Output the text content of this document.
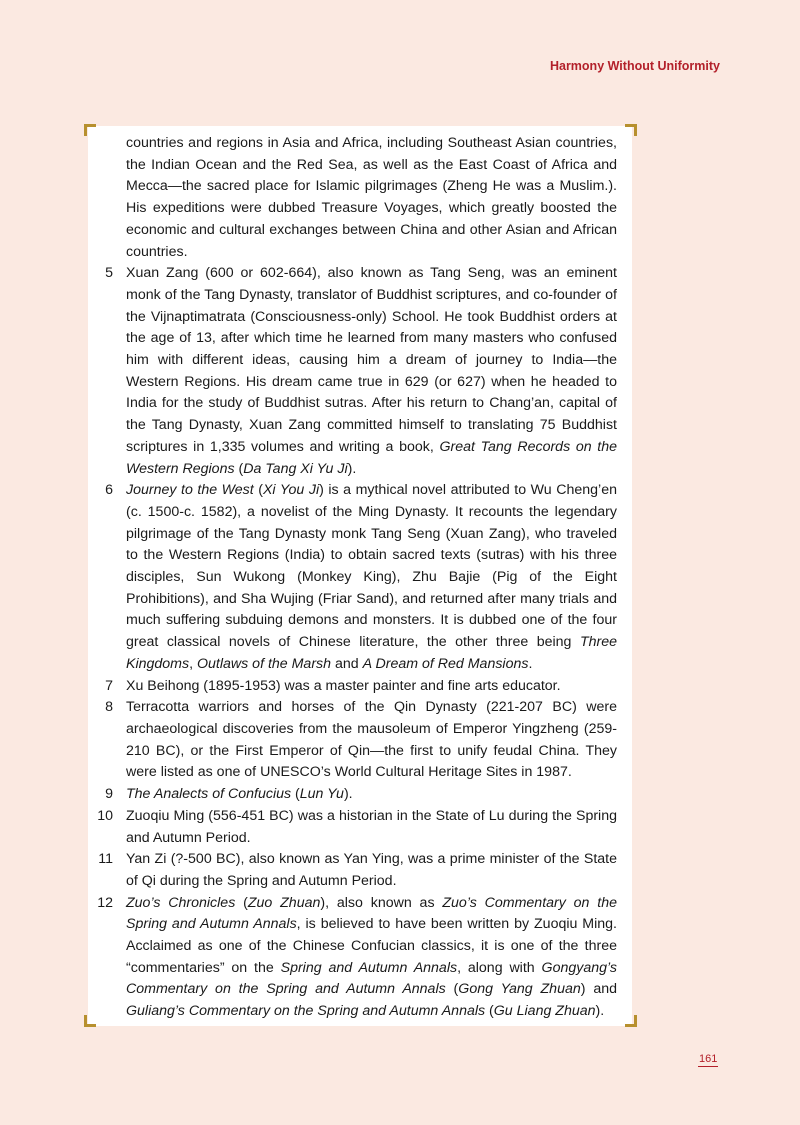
Harmony Without Uniformity
countries and regions in Asia and Africa, including Southeast Asian countries, the Indian Ocean and the Red Sea, as well as the East Coast of Africa and Mecca—the sacred place for Islamic pilgrimages (Zheng He was a Muslim.). His expeditions were dubbed Treasure Voyages, which greatly boosted the economic and cultural exchanges between China and other Asian and African countries.
5 Xuan Zang (600 or 602-664), also known as Tang Seng, was an eminent monk of the Tang Dynasty, translator of Buddhist scriptures, and co-founder of the Vijnaptimatrata (Consciousness-only) School. He took Buddhist orders at the age of 13, after which time he learned from many masters who confused him with different ideas, causing him a dream of journey to India—the Western Regions. His dream came true in 629 (or 627) when he headed to India for the study of Buddhist sutras. After his return to Chang’an, capital of the Tang Dynasty, Xuan Zang committed himself to translating 75 Buddhist scriptures in 1,335 volumes and writing a book, Great Tang Records on the Western Regions (Da Tang Xi Yu Ji).
6 Journey to the West (Xi You Ji) is a mythical novel attributed to Wu Cheng’en (c. 1500-c. 1582), a novelist of the Ming Dynasty. It recounts the legendary pilgrimage of the Tang Dynasty monk Tang Seng (Xuan Zang), who traveled to the Western Regions (India) to obtain sacred texts (sutras) with his three disciples, Sun Wukong (Monkey King), Zhu Bajie (Pig of the Eight Prohibitions), and Sha Wujing (Friar Sand), and returned after many trials and much suffering subduing demons and monsters. It is dubbed one of the four great classical novels of Chinese literature, the other three being Three Kingdoms, Outlaws of the Marsh and A Dream of Red Mansions.
7 Xu Beihong (1895-1953) was a master painter and fine arts educator.
8 Terracotta warriors and horses of the Qin Dynasty (221-207 BC) were archaeological discoveries from the mausoleum of Emperor Yingzheng (259-210 BC), or the First Emperor of Qin—the first to unify feudal China. They were listed as one of UNESCO’s World Cultural Heritage Sites in 1987.
9 The Analects of Confucius (Lun Yu).
10 Zuoqiu Ming (556-451 BC) was a historian in the State of Lu during the Spring and Autumn Period.
11 Yan Zi (?-500 BC), also known as Yan Ying, was a prime minister of the State of Qi during the Spring and Autumn Period.
12 Zuo’s Chronicles (Zuo Zhuan), also known as Zuo’s Commentary on the Spring and Autumn Annals, is believed to have been written by Zuoqiu Ming. Acclaimed as one of the Chinese Confucian classics, it is one of the three “commentaries” on the Spring and Autumn Annals, along with Gongyang’s Commentary on the Spring and Autumn Annals (Gong Yang Zhuan) and Guliang’s Commentary on the Spring and Autumn Annals (Gu Liang Zhuan).
161
